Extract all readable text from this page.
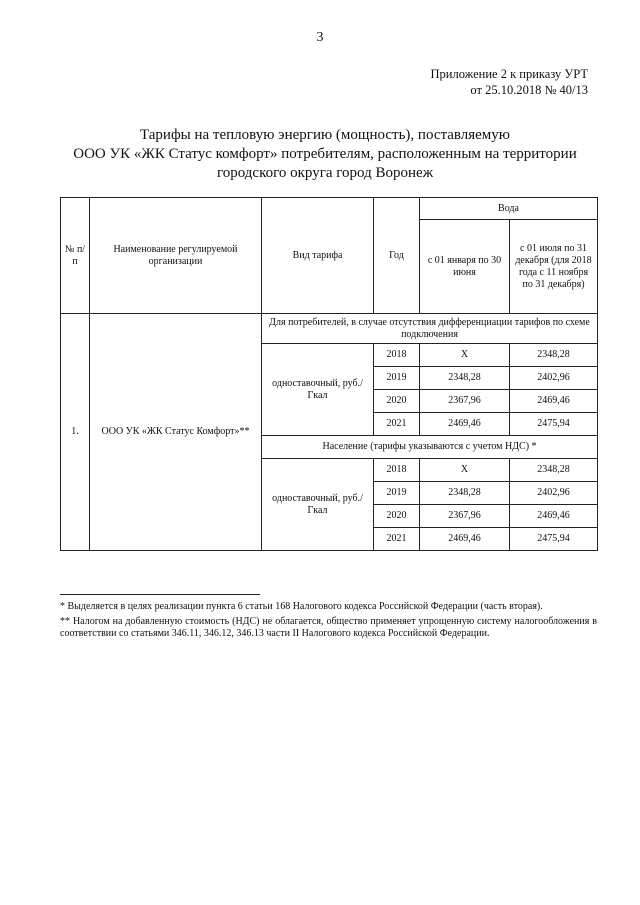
3
Приложение 2 к приказу УРТ
от 25.10.2018 № 40/13
Тарифы на тепловую энергию (мощность), поставляемую
ООО УК «ЖК Статус комфорт» потребителям, расположенным на территории
городского округа город Воронеж
№ п/п	Наименование регулируемой организации	Вид тарифа	Год	Вода	
				с 01 января по 30 июня	с 01 июля по 31 декабря (для 2018 года с 11 ноября по 31 декабря)
1.	ООО УК «ЖК Статус Комфорт»**	Для потребителей, в случае отсутствия дифференциации тарифов по схеме подключения			
		одноставочный, руб./Гкал	2018	Х	2348,28
			2019	2348,28	2402,96
			2020	2367,96	2469,46
			2021	2469,46	2475,94
		Население (тарифы указываются с учетом НДС) *			
		одноставочный, руб./Гкал	2018	Х	2348,28
			2019	2348,28	2402,96
			2020	2367,96	2469,46
			2021	2469,46	2475,94

* Выделяется в целях реализации пункта 6 статьи 168 Налогового кодекса Российской Федерации (часть вторая).

** Налогом на добавленную стоимость (НДС) не облагается, общество применяет упрощенную систему налогообложения в соответствии со статьями 346.11, 346.12, 346.13 части II Налогового кодекса Российской Федерации.
